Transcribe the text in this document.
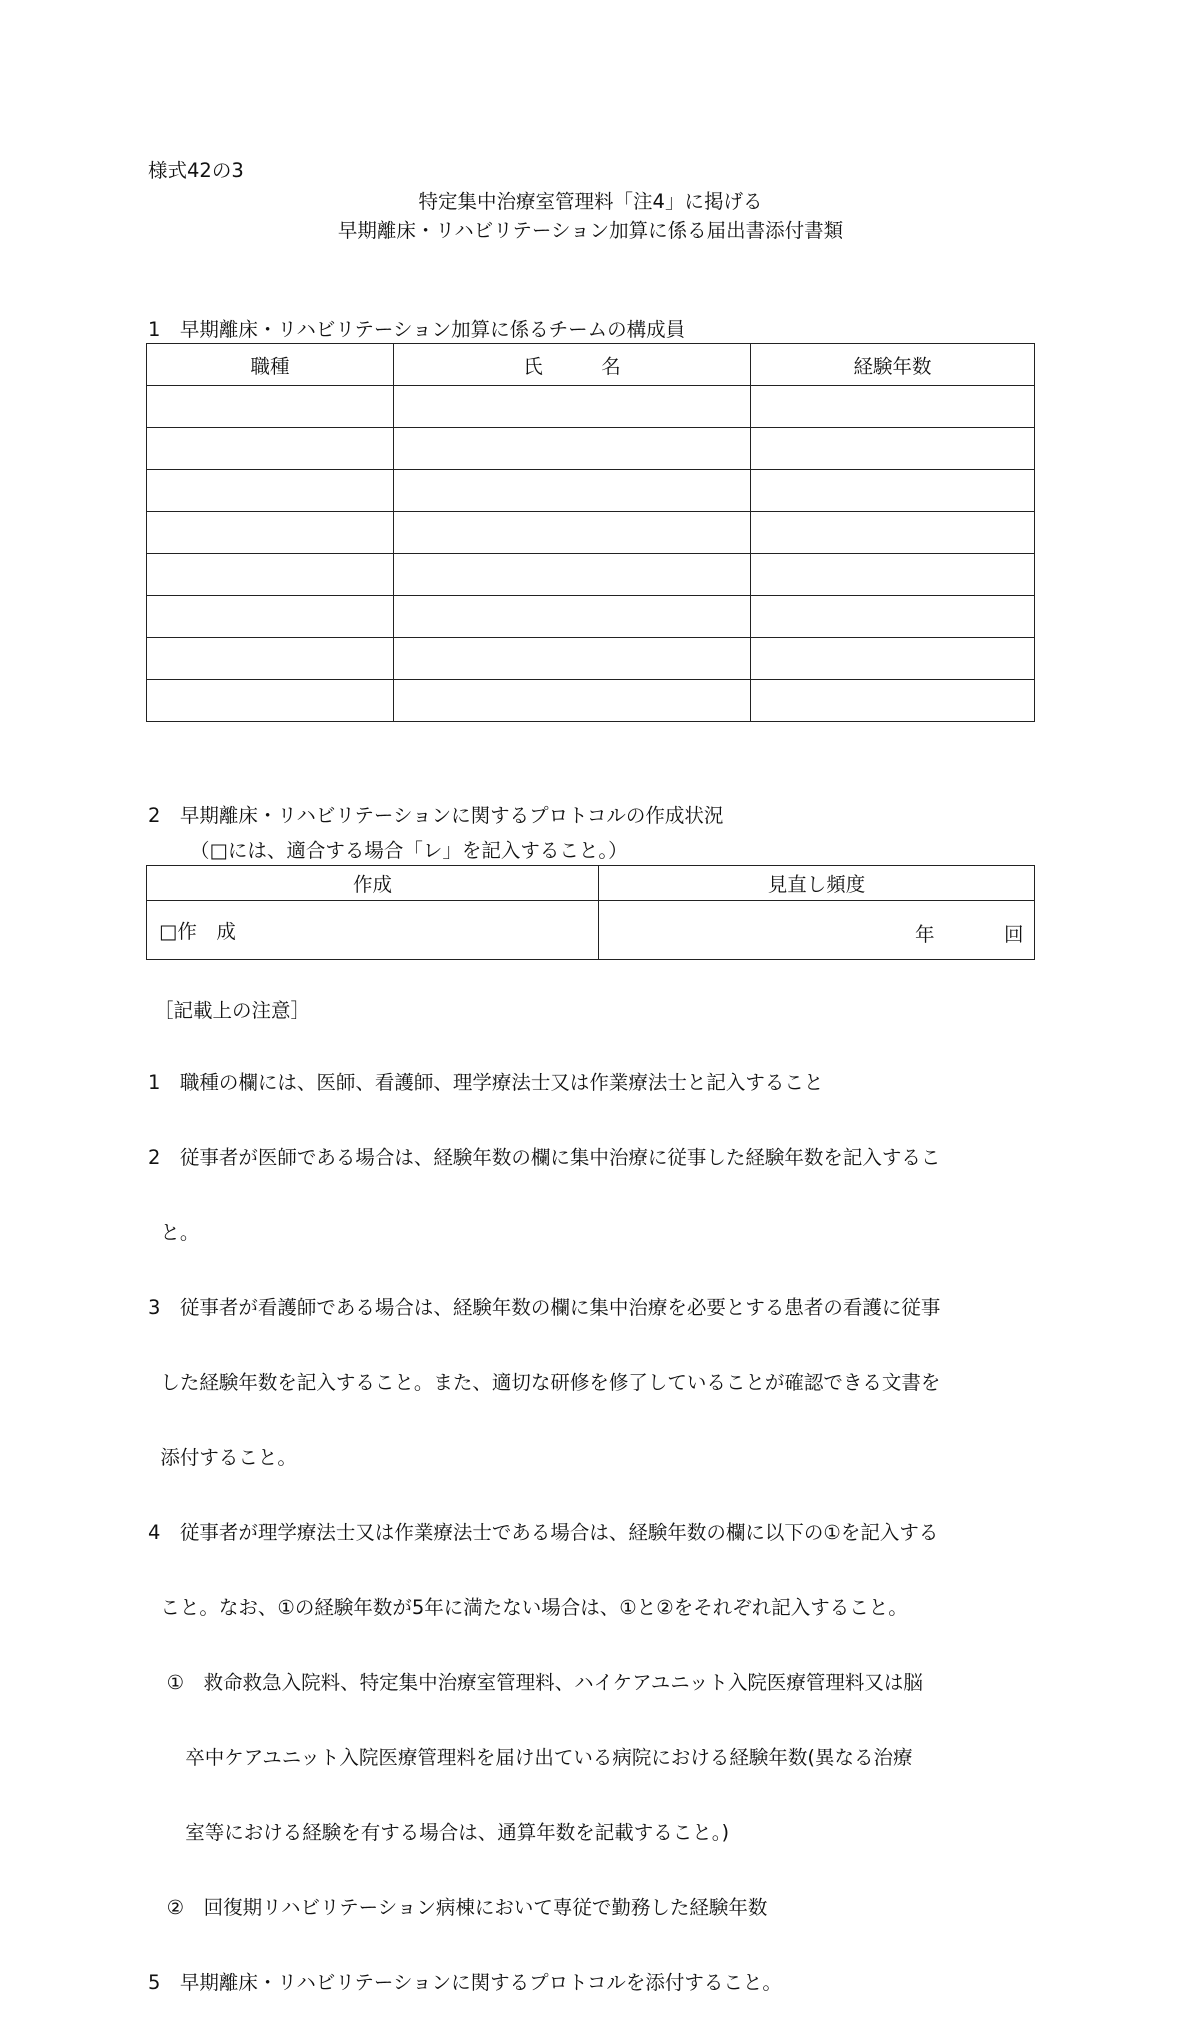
様式42の3
特定集中治療室管理料「注4」に掲げる
早期離床・リハビリテーション加算に係る届出書添付書類
1　早期離床・リハビリテーション加算に係るチームの構成員
職種	氏　　　名	経験年数

2　早期離床・リハビリテーションに関するプロトコルの作成状況
（□には、適合する場合「レ」を記入すること。）
作成	見直し頻度
□作　成	年 回
［記載上の注意］

1　職種の欄には、医師、看護師、理学療法士又は作業療法士と記入すること

2　従事者が医師である場合は、経験年数の欄に集中治療に従事した経験年数を記入するこ

と。

3　従事者が看護師である場合は、経験年数の欄に集中治療を必要とする患者の看護に従事

した経験年数を記入すること。また、適切な研修を修了していることが確認できる文書を

添付すること。

4　従事者が理学療法士又は作業療法士である場合は、経験年数の欄に以下の①を記入する

こと。なお、①の経験年数が5年に満たない場合は、①と②をそれぞれ記入すること。

①　救命救急入院料、特定集中治療室管理料、ハイケアユニット入院医療管理料又は脳

卒中ケアユニット入院医療管理料を届け出ている病院における経験年数(異なる治療

室等における経験を有する場合は、通算年数を記載すること。)

②　回復期リハビリテーション病棟において専従で勤務した経験年数

5　早期離床・リハビリテーションに関するプロトコルを添付すること。
